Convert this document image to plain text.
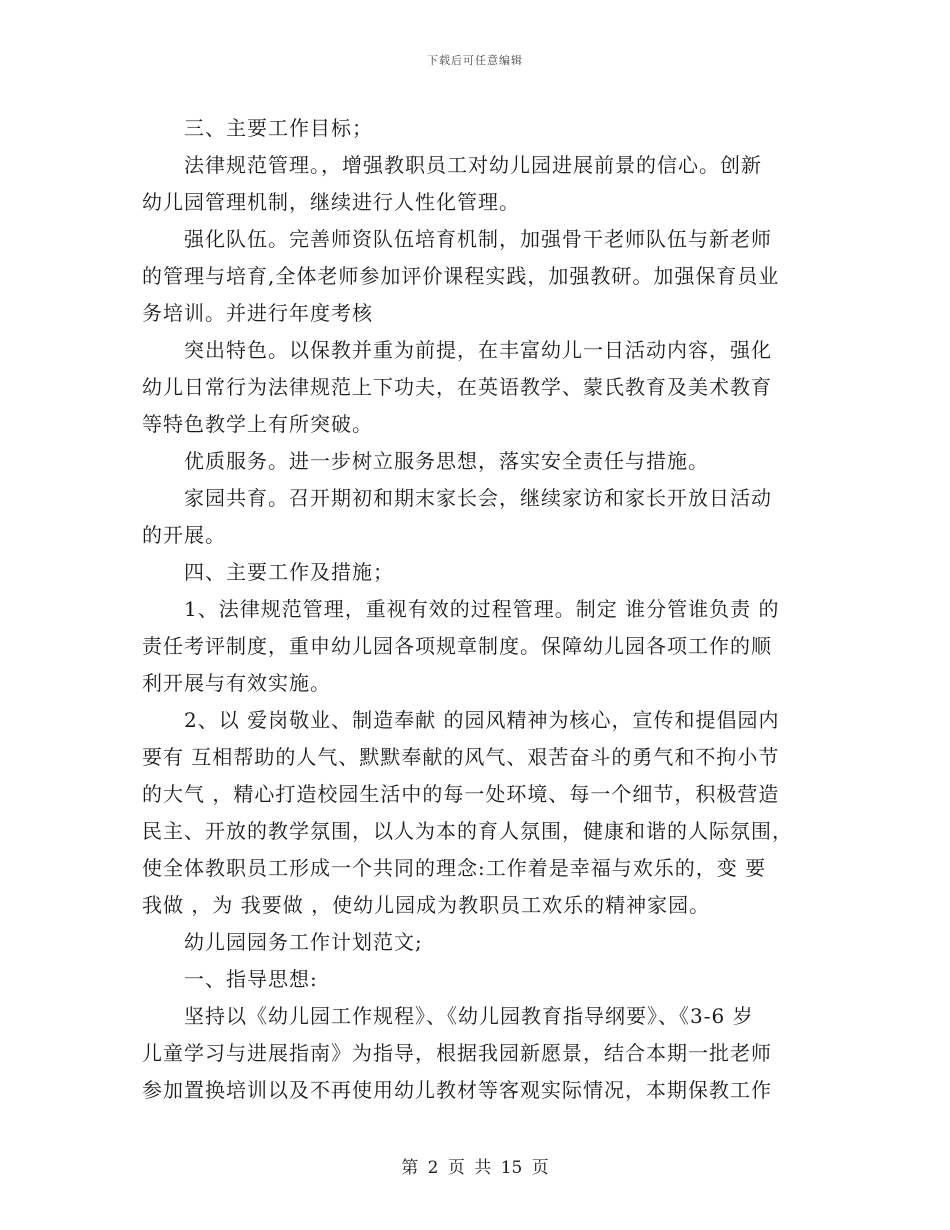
下载后可任意编辑
　　三、主要工作目标；
　　法律规范管理。，增强教职员工对幼儿园进展前景的信心。创新
幼儿园管理机制，继续进行人性化管理。
　　强化队伍。完善师资队伍培育机制，加强骨干老师队伍与新老师
的管理与培育,全体老师参加评价课程实践，加强教研。加强保育员业
务培训。并进行年度考核
　　突出特色。以保教并重为前提，在丰富幼儿一日活动内容，强化
幼儿日常行为法律规范上下功夫，在英语教学、蒙氏教育及美术教育
等特色教学上有所突破。
　　优质服务。进一步树立服务思想，落实安全责任与措施。
　　家园共育。召开期初和期末家长会，继续家访和家长开放日活动
的开展。
　　四、主要工作及措施；
　　1、法律规范管理，重视有效的过程管理。制定 谁分管谁负责 的
责任考评制度，重申幼儿园各项规章制度。保障幼儿园各项工作的顺
利开展与有效实施。
　　2、以 爱岗敬业、制造奉献 的园风精神为核心，宣传和提倡园内
要有 互相帮助的人气、默默奉献的风气、艰苦奋斗的勇气和不拘小节
的大气 ，精心打造校园生活中的每一处环境、每一个细节，积极营造
民主、开放的教学氛围，以人为本的育人氛围，健康和谐的人际氛围，
使全体教职员工形成一个共同的理念:工作着是幸福与欢乐的，变 要
我做 ，为 我要做 ，使幼儿园成为教职员工欢乐的精神家园。
　　幼儿园园务工作计划范文;
　　一、指导思想:
　　坚持以《幼儿园工作规程》、《幼儿园教育指导纲要》、《3-6 岁
儿童学习与进展指南》为指导，根据我园新愿景，结合本期一批老师
参加置换培训以及不再使用幼儿教材等客观实际情况，本期保教工作
第 2 页 共 15 页
